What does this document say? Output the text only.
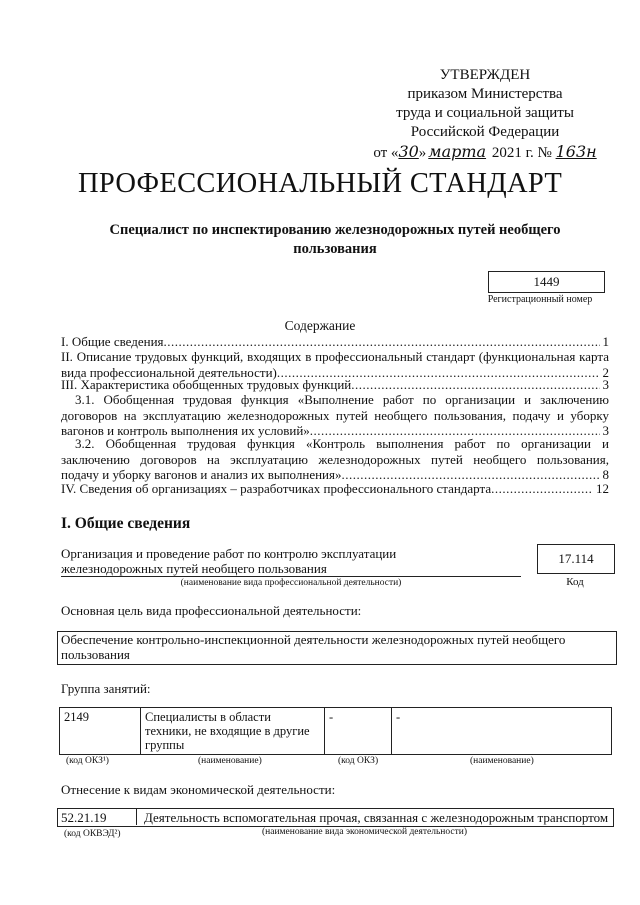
УТВЕРЖДЕН
приказом Министерства
труда и социальной защиты
Российской Федерации
от «30» марта 2021 г. № 163н
ПРОФЕССИОНАЛЬНЫЙ СТАНДАРТ
Специалист по инспектированию железнодорожных путей необщего пользования
1449
Регистрационный номер
Содержание
I. Общие сведения .....	1
II. Описание трудовых функций, входящих в профессиональный стандарт (функциональная карта
вида профессиональной деятельности) .....	2
III. Характеристика обобщенных трудовых функций .....	3
3.1. Обобщенная трудовая функция «Выполнение работ по организации и заключению
договоров на эксплуатацию железнодорожных путей необщего пользования, подачу и уборку
вагонов и контроль выполнения их условий» .....	3
3.2. Обобщенная трудовая функция «Контроль выполнения работ по организации и
заключению договоров на эксплуатацию железнодорожных путей необщего пользования,
подачу и уборку вагонов и анализ их выполнения» .....	8
IV. Сведения об организациях – разработчиках профессионального стандарта .....	12
I. Общие сведения
Организация и проведение работ по контролю эксплуатации
железнодорожных путей необщего пользования
(наименование вида профессиональной деятельности)
17.114
Код
Основная цель вида профессиональной деятельности:
Обеспечение контрольно-инспекционной деятельности железнодорожных путей необщего пользования
Группа занятий:
2149	Специалисты в области техники, не входящие в другие группы	-	-
(код ОКЗ¹)	(наименование)	(код ОКЗ)	(наименование)
Отнесение к видам экономической деятельности:
52.21.19	Деятельность вспомогательная прочая, связанная с железнодорожным транспортом
(код ОКВЭД²)	(наименование вида экономической деятельности)
